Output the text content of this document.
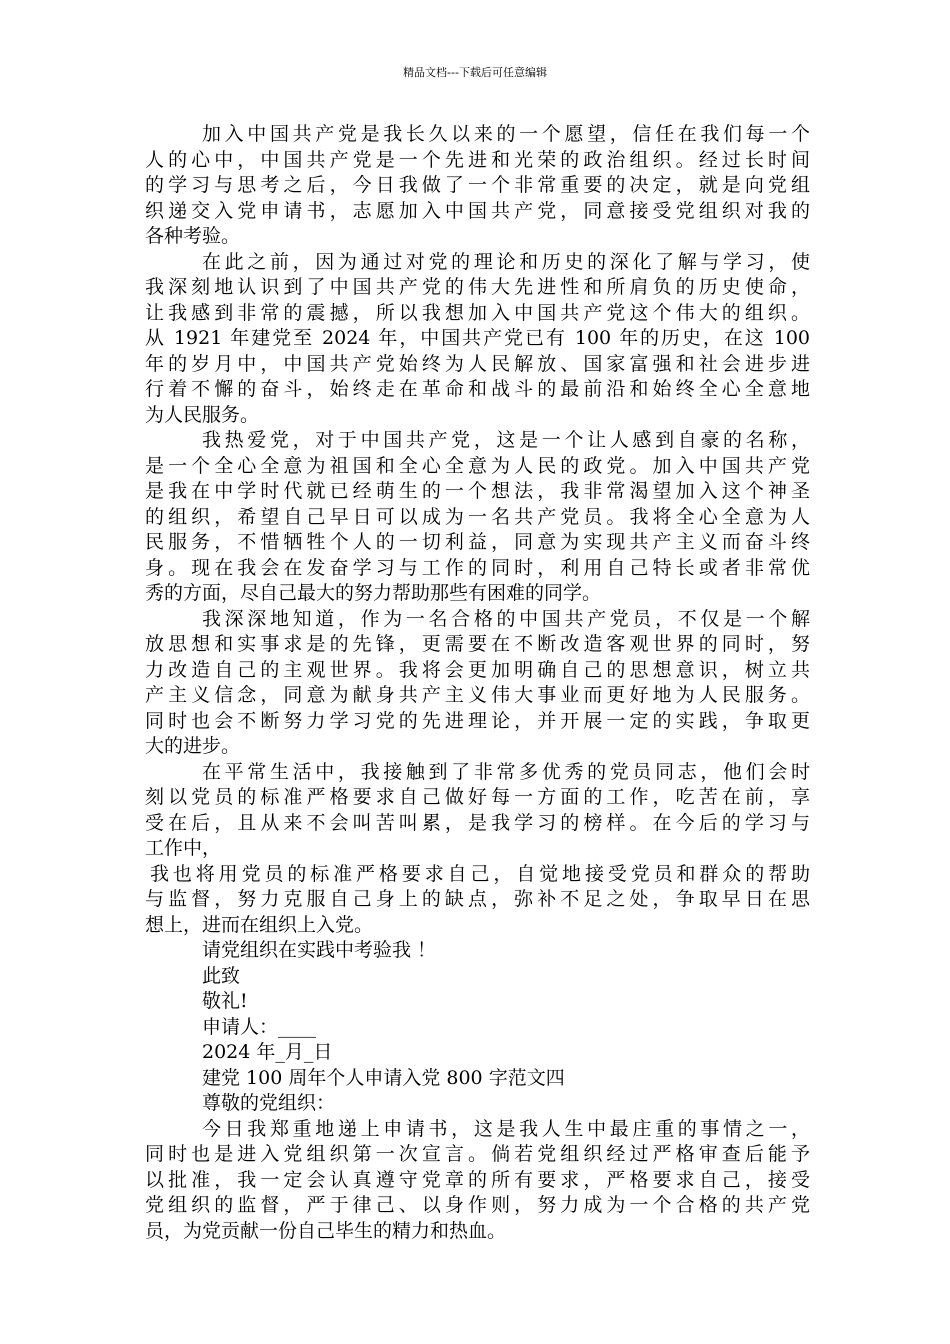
精品文档---下载后可任意编辑
加入中国共产党是我长久以来的一个愿望，信任在我们每一个
人的心中，中国共产党是一个先进和光荣的政治组织。经过长时间
的学习与思考之后，今日我做了一个非常重要的决定，就是向党组
织递交入党申请书，志愿加入中国共产党，同意接受党组织对我的
各种考验。
在此之前，因为通过对党的理论和历史的深化了解与学习，使
我深刻地认识到了中国共产党的伟大先进性和所肩负的历史使命，
让我感到非常的震撼，所以我想加入中国共产党这个伟大的组织。
从 1921 年建党至 2024 年，中国共产党已有 100 年的历史，在这 100
年的岁月中，中国共产党始终为人民解放、国家富强和社会进步进
行着不懈的奋斗，始终走在革命和战斗的最前沿和始终全心全意地
为人民服务。
我热爱党，对于中国共产党，这是一个让人感到自豪的名称，
是一个全心全意为祖国和全心全意为人民的政党。加入中国共产党
是我在中学时代就已经萌生的一个想法，我非常渴望加入这个神圣
的组织，希望自己早日可以成为一名共产党员。我将全心全意为人
民服务，不惜牺牲个人的一切利益，同意为实现共产主义而奋斗终
身。现在我会在发奋学习与工作的同时，利用自己特长或者非常优
秀的方面，尽自己最大的努力帮助那些有困难的同学。
我深深地知道，作为一名合格的中国共产党员，不仅是一个解
放思想和实事求是的先锋，更需要在不断改造客观世界的同时，努
力改造自己的主观世界。我将会更加明确自己的思想意识，树立共
产主义信念，同意为献身共产主义伟大事业而更好地为人民服务。
同时也会不断努力学习党的先进理论，并开展一定的实践，争取更
大的进步。
在平常生活中，我接触到了非常多优秀的党员同志，他们会时
刻以党员的标准严格要求自己做好每一方面的工作，吃苦在前，享
受在后，且从来不会叫苦叫累，是我学习的榜样。在今后的学习与
工作中，
我也将用党员的标准严格要求自己，自觉地接受党员和群众的帮助
与监督，努力克服自己身上的缺点，弥补不足之处，争取早日在思
想上，进而在组织上入党。
请党组织在实践中考验我 ！
此致
敬礼!
申请人：____
2024 年_月_日
建党 100 周年个人申请入党 800 字范文四
尊敬的党组织：
今日我郑重地递上申请书，这是我人生中最庄重的事情之一，
同时也是进入党组织第一次宣言。倘若党组织经过严格审查后能予
以批准，我一定会认真遵守党章的所有要求，严格要求自己，接受
党组织的监督，严于律己、以身作则，努力成为一个合格的共产党
员，为党贡献一份自己毕生的精力和热血。
